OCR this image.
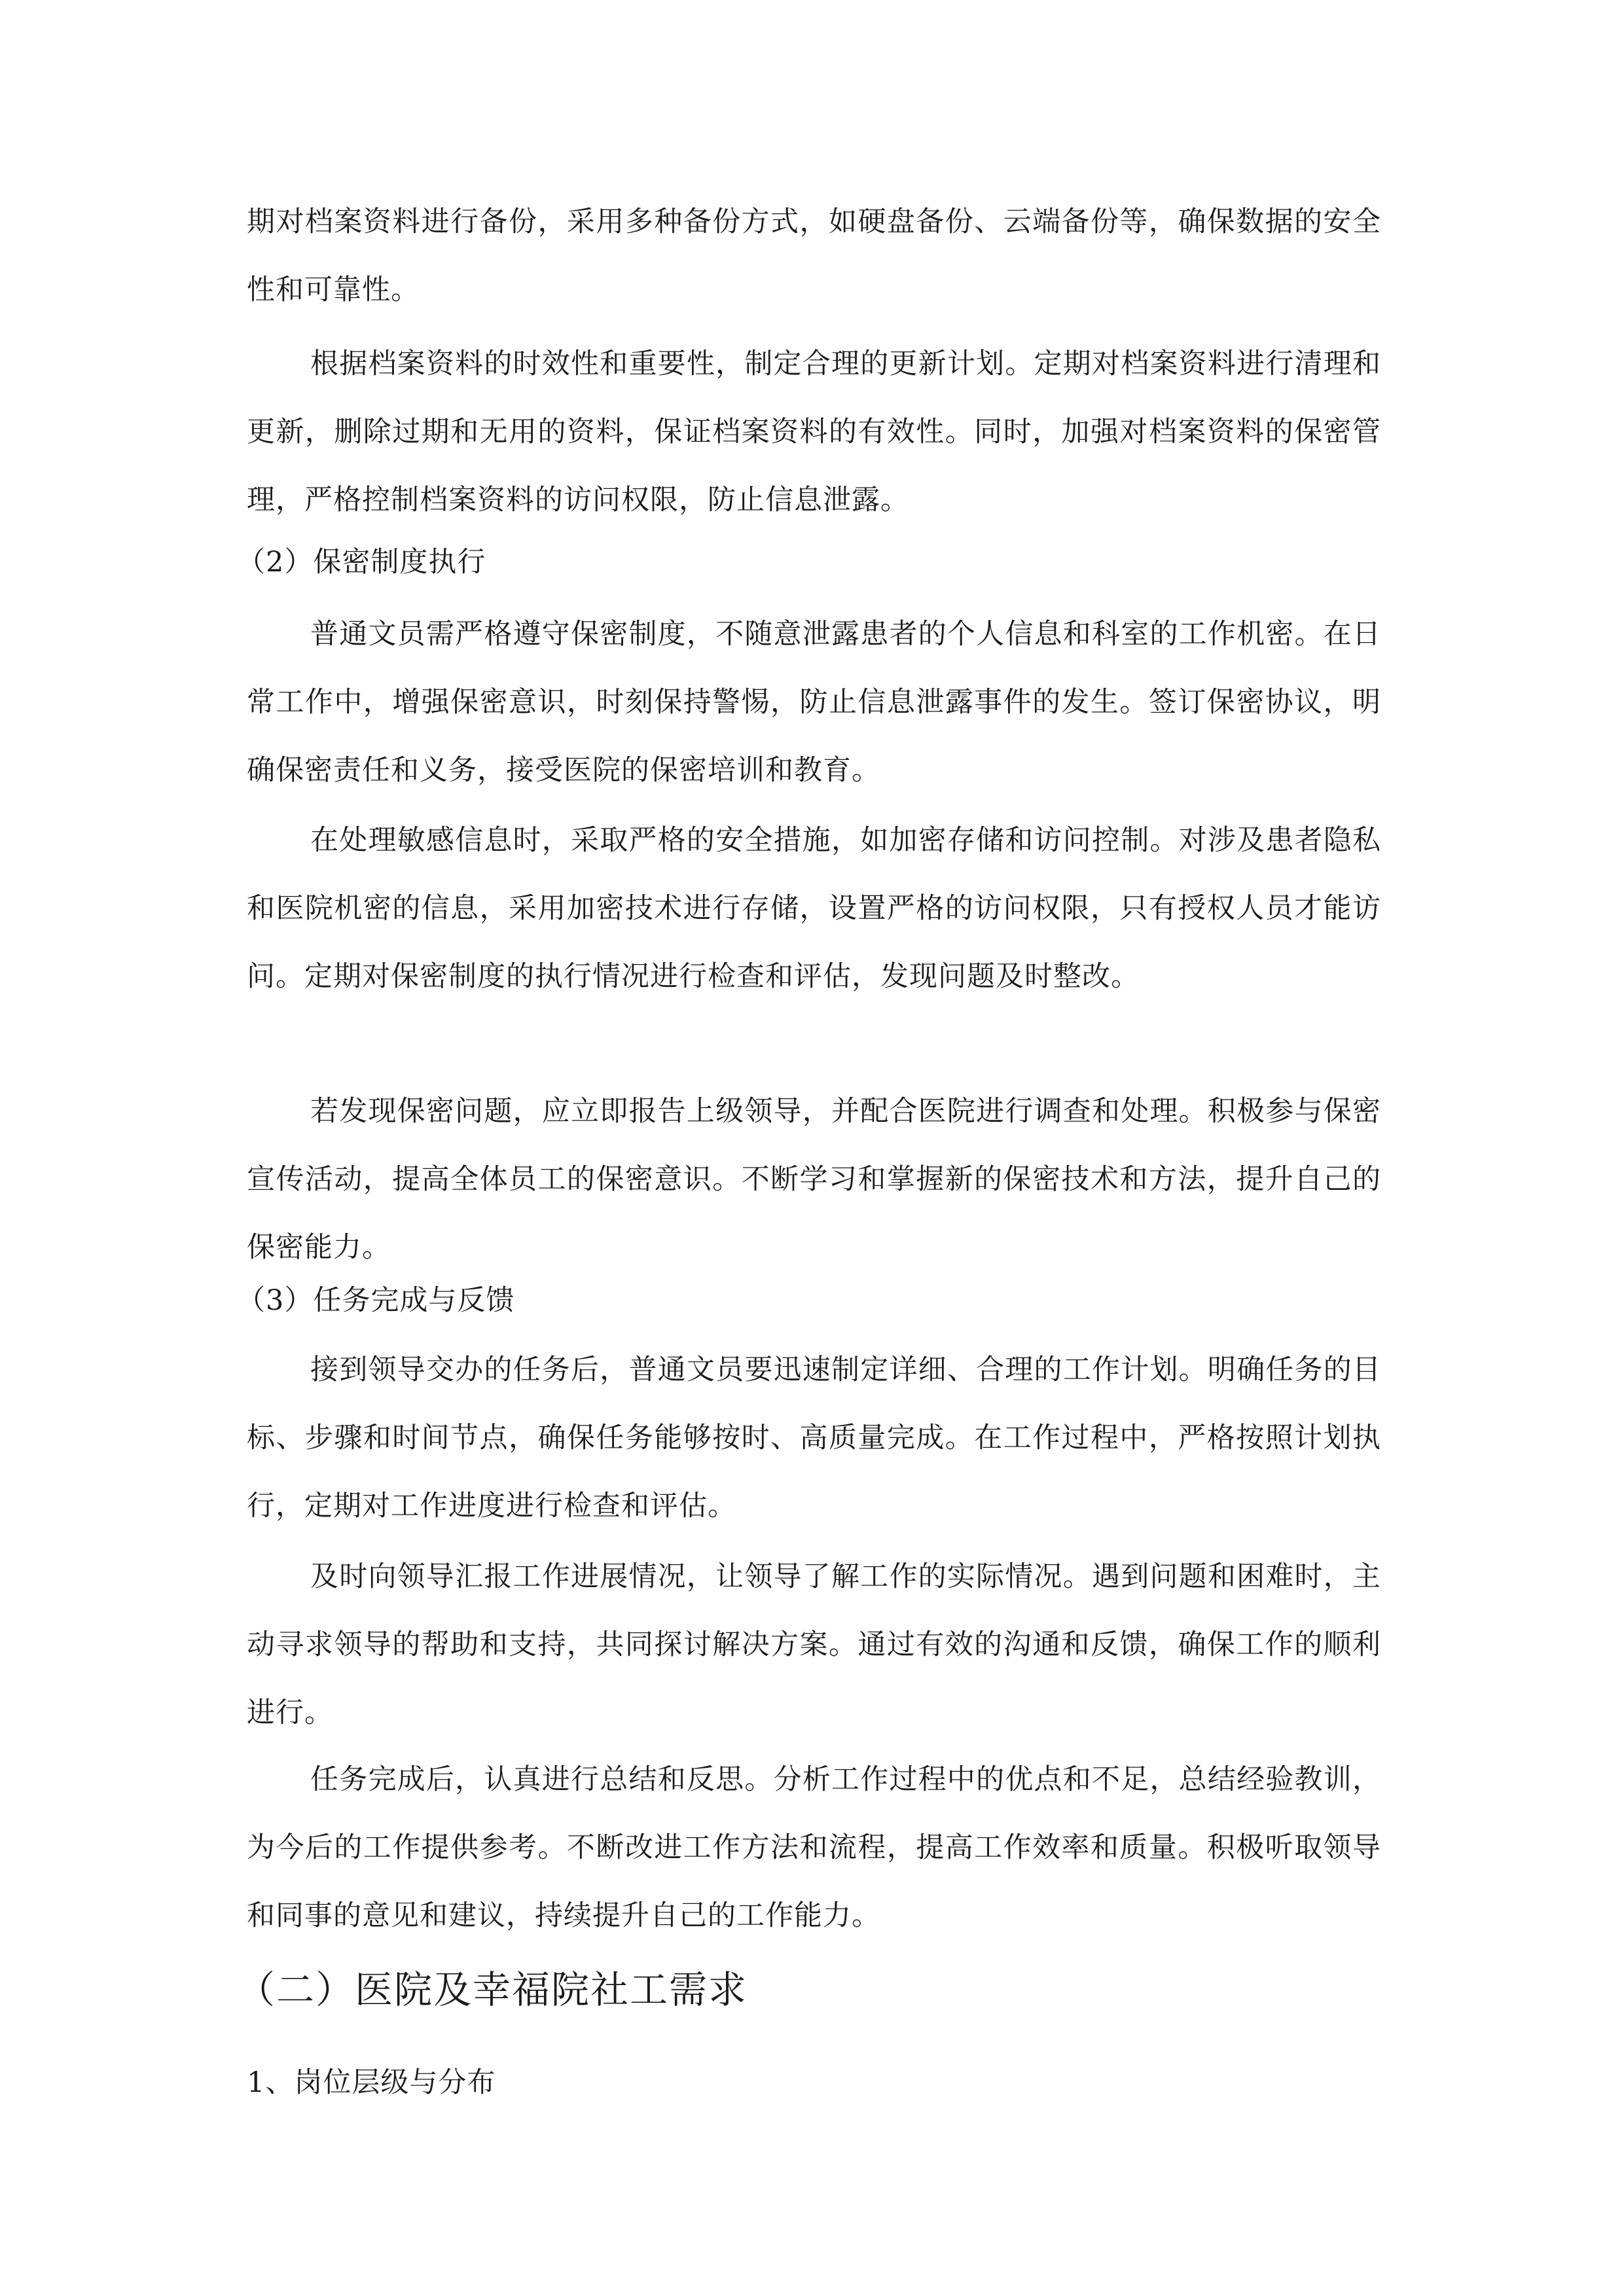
期对档案资料进行备份，采用多种备份方式，如硬盘备份、云端备份等，确保数据的安全性和可靠性。

根据档案资料的时效性和重要性，制定合理的更新计划。定期对档案资料进行清理和更新，删除过期和无用的资料，保证档案资料的有效性。同时，加强对档案资料的保密管理，严格控制档案资料的访问权限，防止信息泄露。

（2）保密制度执行

普通文员需严格遵守保密制度，不随意泄露患者的个人信息和科室的工作机密。在日常工作中，增强保密意识，时刻保持警惕，防止信息泄露事件的发生。签订保密协议，明确保密责任和义务，接受医院的保密培训和教育。

在处理敏感信息时，采取严格的安全措施，如加密存储和访问控制。对涉及患者隐私和医院机密的信息，采用加密技术进行存储，设置严格的访问权限，只有授权人员才能访问。定期对保密制度的执行情况进行检查和评估，发现问题及时整改。

若发现保密问题，应立即报告上级领导，并配合医院进行调查和处理。积极参与保密宣传活动，提高全体员工的保密意识。不断学习和掌握新的保密技术和方法，提升自己的保密能力。

（3）任务完成与反馈

接到领导交办的任务后，普通文员要迅速制定详细、合理的工作计划。明确任务的目标、步骤和时间节点，确保任务能够按时、高质量完成。在工作过程中，严格按照计划执行，定期对工作进度进行检查和评估。

及时向领导汇报工作进展情况，让领导了解工作的实际情况。遇到问题和困难时，主动寻求领导的帮助和支持，共同探讨解决方案。通过有效的沟通和反馈，确保工作的顺利进行。

任务完成后，认真进行总结和反思。分析工作过程中的优点和不足，总结经验教训，为今后的工作提供参考。不断改进工作方法和流程，提高工作效率和质量。积极听取领导和同事的意见和建议，持续提升自己的工作能力。

（二）医院及幸福院社工需求

1、岗位层级与分布
